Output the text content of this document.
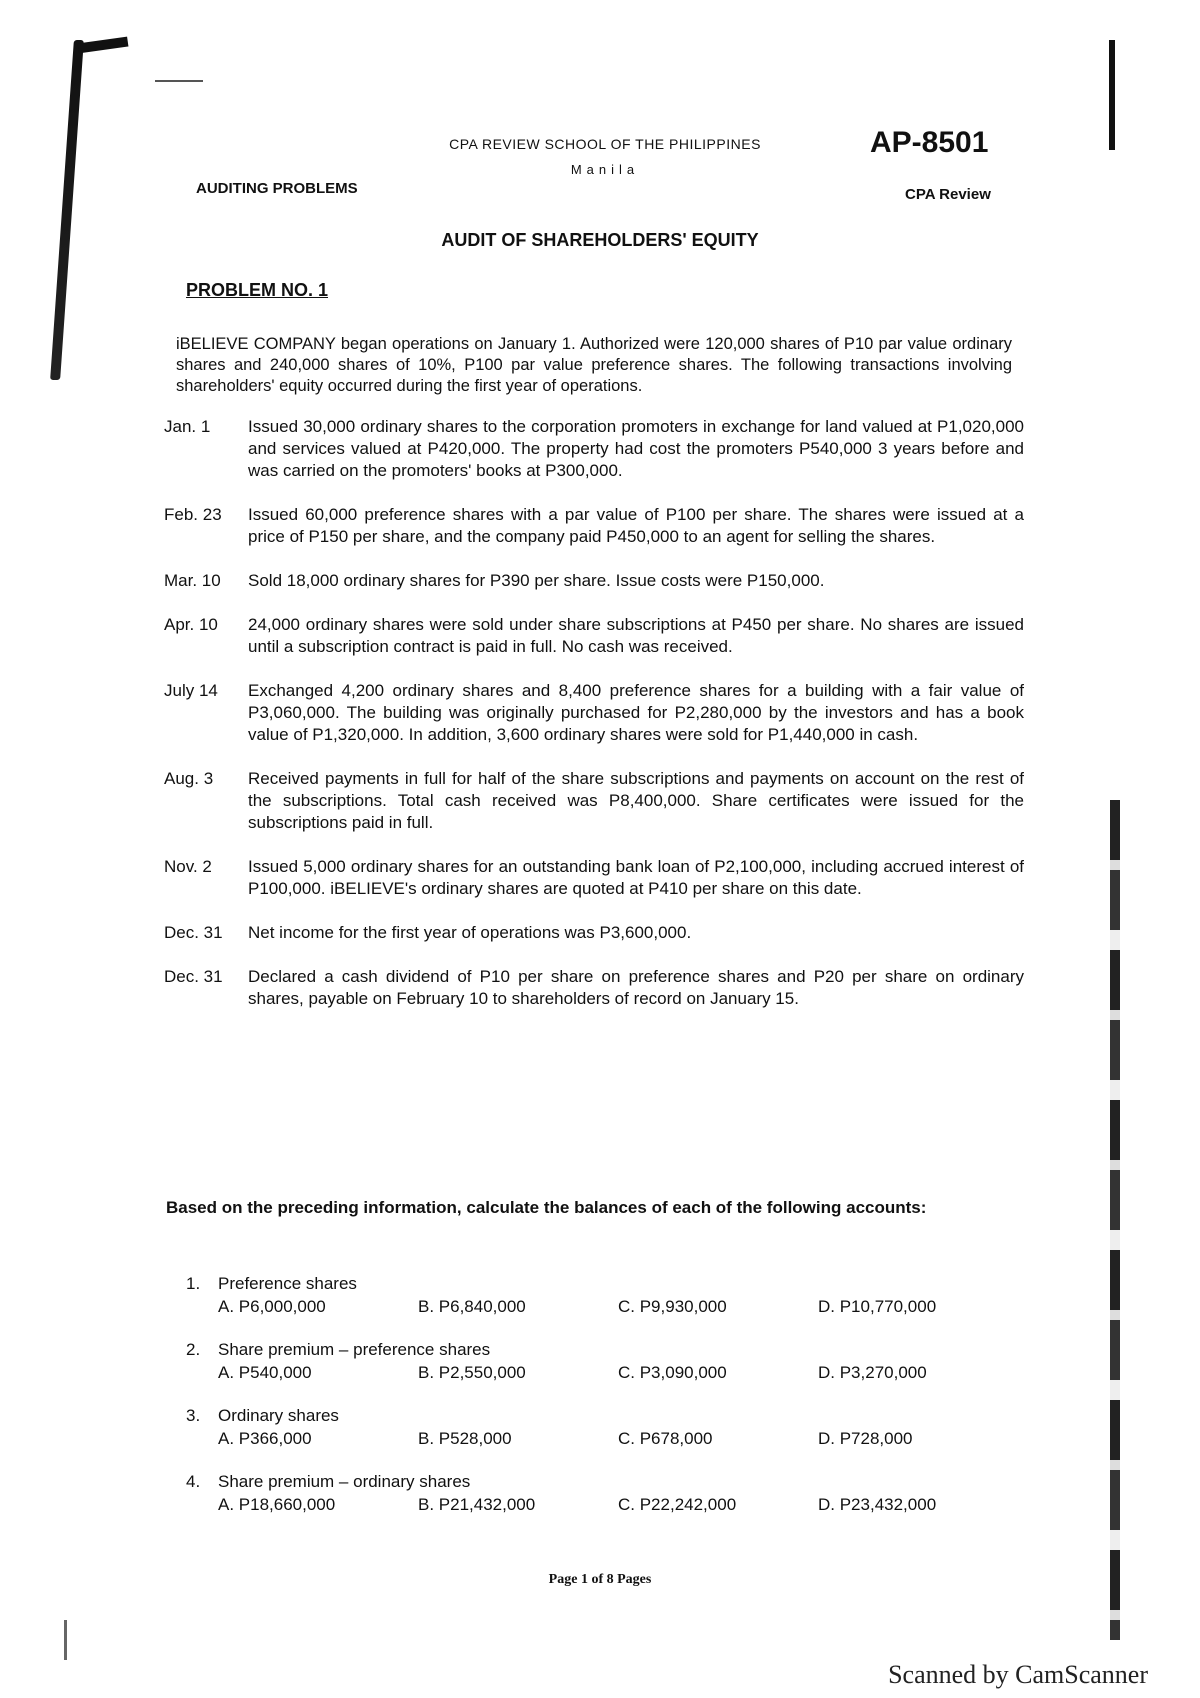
CPA REVIEW SCHOOL OF THE PHILIPPINES
Manila
AP-8501
CPA Review
AUDITING PROBLEMS
AUDIT OF SHAREHOLDERS' EQUITY
PROBLEM NO. 1
iBELIEVE COMPANY began operations on January 1. Authorized were 120,000 shares of P10 par value ordinary shares and 240,000 shares of 10%, P100 par value preference shares. The following transactions involving shareholders' equity occurred during the first year of operations.
Jan. 1	Issued 30,000 ordinary shares to the corporation promoters in exchange for land valued at P1,020,000 and services valued at P420,000. The property had cost the promoters P540,000 3 years before and was carried on the promoters' books at P300,000.
Feb. 23	Issued 60,000 preference shares with a par value of P100 per share. The shares were issued at a price of P150 per share, and the company paid P450,000 to an agent for selling the shares.
Mar. 10	Sold 18,000 ordinary shares for P390 per share. Issue costs were P150,000.
Apr. 10	24,000 ordinary shares were sold under share subscriptions at P450 per share. No shares are issued until a subscription contract is paid in full. No cash was received.
July 14	Exchanged 4,200 ordinary shares and 8,400 preference shares for a building with a fair value of P3,060,000. The building was originally purchased for P2,280,000 by the investors and has a book value of P1,320,000. In addition, 3,600 ordinary shares were sold for P1,440,000 in cash.
Aug. 3	Received payments in full for half of the share subscriptions and payments on account on the rest of the subscriptions. Total cash received was P8,400,000. Share certificates were issued for the subscriptions paid in full.
Nov. 2	Issued 5,000 ordinary shares for an outstanding bank loan of P2,100,000, including accrued interest of P100,000. iBELIEVE's ordinary shares are quoted at P410 per share on this date.
Dec. 31	Net income for the first year of operations was P3,600,000.
Dec. 31	Declared a cash dividend of P10 per share on preference shares and P20 per share on ordinary shares, payable on February 10 to shareholders of record on January 15.
Based on the preceding information, calculate the balances of each of the following accounts:
1.	Preference shares
A. P6,000,000	B. P6,840,000	C. P9,930,000	D. P10,770,000
2.	Share premium – preference shares
A. P540,000	B. P2,550,000	C. P3,090,000	D. P3,270,000
3.	Ordinary shares
A. P366,000	B. P528,000	C. P678,000	D. P728,000
4.	Share premium – ordinary shares
A. P18,660,000	B. P21,432,000	C. P22,242,000	D. P23,432,000
Page 1 of 8 Pages
Scanned by CamScanner
